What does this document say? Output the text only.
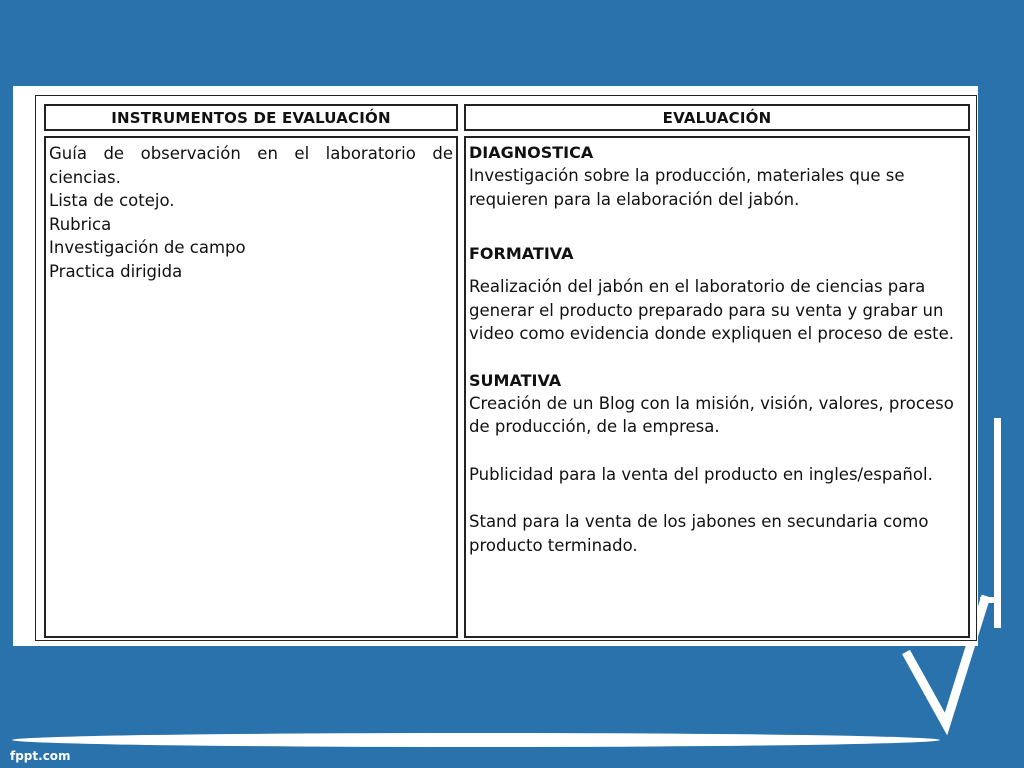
INSTRUMENTOS DE EVALUACIÓN	EVALUACIÓN
Guía de observación en el laboratorio de ciencias.
Lista de cotejo.
Rubrica
Investigación de campo
Practica dirigida
DIAGNOSTICA
Investigación sobre la producción, materiales que se requieren para la elaboración del jabón.
FORMATIVA
Realización del jabón en el laboratorio de ciencias para generar el producto preparado para su venta y grabar un video como evidencia donde expliquen el proceso de este.
SUMATIVA
Creación de un Blog con la misión, visión, valores, proceso de producción, de la empresa.
Publicidad para la venta del producto en ingles/español.
Stand para la venta de los jabones en secundaria como producto terminado.
fppt.com
